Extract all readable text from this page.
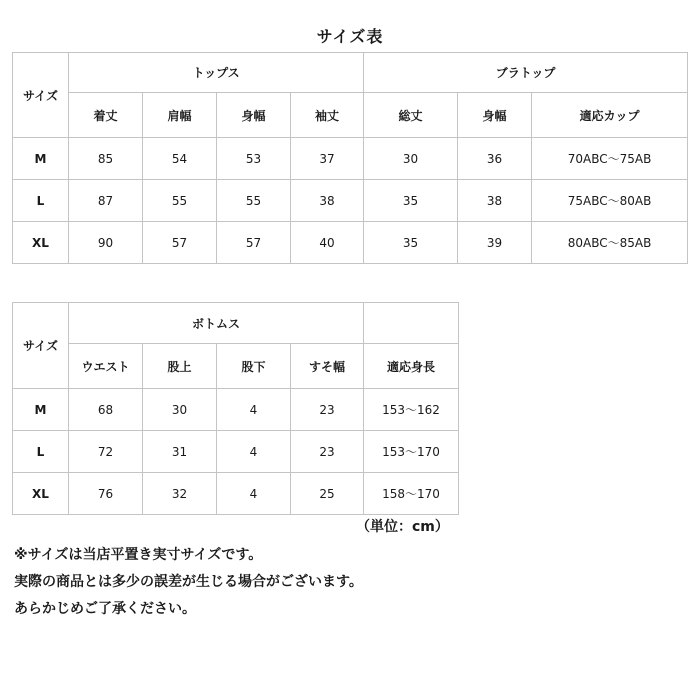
サイズ表
サイズ	トップス				ブラトップ		
	着丈	肩幅	身幅	袖丈	総丈	身幅	適応カップ
M	85	54	53	37	30	36	70ABC～75AB
L	87	55	55	38	35	38	75ABC～80AB
XL	90	57	57	40	35	39	80ABC～85AB
サイズ	ボトムス				
	ウエスト	股上	股下	すそ幅	適応身長
M	68	30	4	23	153～162
L	72	31	4	23	153～170
XL	76	32	4	25	158～170
（単位：cm）
※サイズは当店平置き実寸サイズです。
実際の商品とは多少の誤差が生じる場合がございます。
あらかじめご了承ください。
